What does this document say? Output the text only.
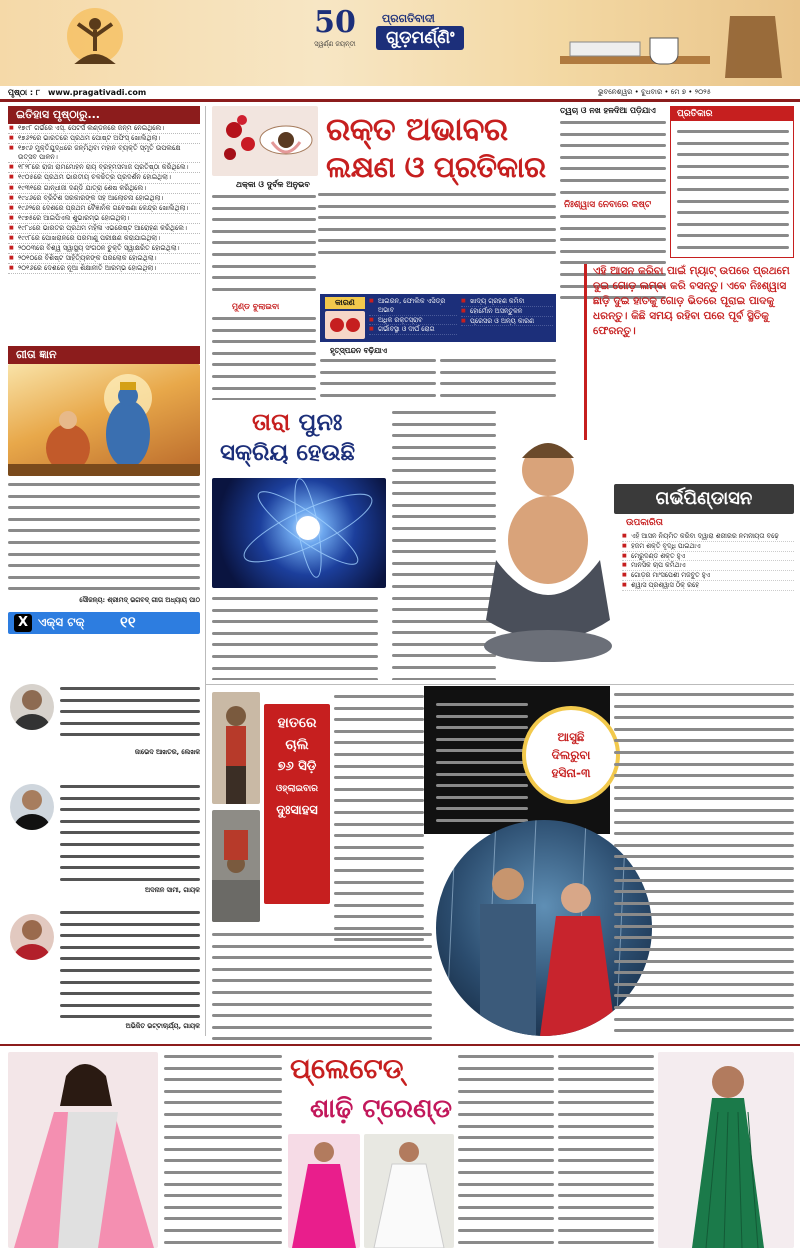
50
ସ୍ୱର୍ଣ୍ଣ ଜୟନ୍ତୀ
ପ୍ରଗତିବାଦୀ
ଗୁଡ଼ମର୍ଣ୍ଣିଂ
ପୃଷ୍ଠା : ୮ www.pragativadi.com	ଭୁବନେଶ୍ୱର • ବୁଧବାର • ମେ ୭ • ୨୦୨୫
ଇତିହାସ ପୃଷ୍ଠାରୁ...
■ ୧୭୯୮ ଗର୍ଭରେ ଏସ୍. ପେଟର୍ସ ଲଣ୍ଡନରେ ଜନ୍ମ ନେଇଥିଲେ।
■ ୧୭୬୨ରେ ଭାରତରେ ପ୍ରଥମ ପୋଷ୍ଟ ଅଫିସ୍ ଖୋଲିଥିଲା।
■ ୧୭୯୬ ମୁକ୍ତିଯୁଦ୍ଧରେ ଜନ୍ମିଥିବା ମହାନ ବ୍ୟକ୍ତି ସ୍ମୃତି ଉପଲକ୍ଷେ ଉତ୍ସବ ପାଳନ।
■ ୧୮୨୮ରେ ରାଜା ରାମମୋହନ ରାୟ ବ୍ରହ୍ମସମାଜ ପ୍ରତିଷ୍ଠା କରିଥିଲେ।
■ ୧୯୦୫ରେ ପ୍ରଥମ ଭାରତୀୟ ଚଳଚ୍ଚିତ୍ର ପ୍ରଦର୍ଶନ ହୋଇଥିଲା।
■ ୧୯୩୧ରେ ଗାନ୍ଧୀଜୀ ଦଣ୍ଡି ଯାତ୍ରା ଶେଷ କରିଥିଲେ।
■ ୧୯୪୬ରେ ବ୍ରିଟିଶ ସରକାରଙ୍କ ସହ ଆଲୋଚନା ହୋଇଥିଲା।
■ ୧୯୬୨ରେ ଦେଶରେ ପ୍ରଥମ ବୈଜ୍ଞାନିକ ଗବେଷଣା କେନ୍ଦ୍ର ଖୋଲିଥିଲା।
■ ୧୯୭୫ରେ ଆଇପିଏଲ ଶୁଭାରମ୍ଭ ହୋଇଥିଲା।
■ ୧୯୮୪ରେ ଭାରତର ପ୍ରଥମ ମହିଳା ଏଭରେଷ୍ଟ ଆରୋହଣ କରିଥିଲେ।
■ ୧୯୯୮ରେ ପୋଖରାନରେ ପରମାଣୁ ପରୀକ୍ଷଣ କରାଯାଇଥିଲା।
■ ୨୦୦୩ରେ ବିଶ୍ୱ ସ୍ୱାସ୍ଥ୍ୟ ସଂଗଠନ ଚୁକ୍ତି ସ୍ୱାକ୍ଷରିତ ହୋଇଥିଲା।
■ ୨୦୧୦ରେ ବିଶିଷ୍ଟ ସାହିତ୍ୟିକଙ୍କ ପରଲୋକ ହୋଇଥିଲା।
■ ୨୦୧୬ରେ ଦେଶରେ ନୂଆ ଶିକ୍ଷାନୀତି ଆରମ୍ଭ ହୋଇଥିଲା।
ଗୀତା ଜ୍ଞାନ
ସୌଜନ୍ୟ: ଶ୍ରୀମଦ୍ ଭଗବଦ୍ ଗୀତା ଅଧ୍ୟାୟ ପାଠ
X ଏକ୍ସ ଟକ୍ ୧୧
ଜାଭେଦ ଆଖତର, ଲେଖକ
ଅଦନାନ ସାମୀ, ଗାୟକ
ଅଭିଜିତ ଭଟ୍ଟାଚାର୍ଯ୍ୟ, ଗାୟକ
ରକ୍ତ ଅଭାବର
ଲକ୍ଷଣ ଓ ପ୍ରତିକାର
ଥକ୍କା ଓ ଦୁର୍ବଳ ଅନୁଭବ
ମୁଣ୍ଡ ବୁଲାଇବା	କାରଣ
■	ଆଇରନ, ଫୋଲିକ ଏସିଡ୍‌ର ଅଭାବ
■ ଅଧିକ ରକ୍ତସ୍ରାବ
■ ଗର୍ଭାବସ୍ଥା ଓ ଦୀର୍ଘ ରୋଗ
■ ଖାଦ୍ୟ ଗ୍ରହଣ କମିବା
■ ହୋର୍ମୋନ ଅସନ୍ତୁଳନ
■ ପ୍ରେସର ଓ ଅନ୍ୟ କାରଣ
ହୃତ୍‌ସ୍ପନ୍ଦନ ବଢ଼ିଯାଏ
ତ୍ୱଚା ଓ ନଖ ହଳଦିଆ ପଡ଼ିଯାଏ
ନିଃଶ୍ୱାସ ନେବାରେ କଷ୍ଟ
ପ୍ରତିକାର
ତାରା ପୁନଃ
ସକ୍ରିୟ ହେଉଛି
ଏହି ଆସନ କରିବା ପାଇଁ ମ୍ୟାଟ୍ ଉପରେ ପ୍ରଥମେ ଦୁଇ ଗୋଡ଼ ଲମ୍ବା କରି ବସନ୍ତୁ। ଏବେ ନିଃଶ୍ୱାସ ଛାଡ଼ି ଦୁଇ ହାତକୁ ଗୋଡ଼ ଭିତରେ ପୂରାଇ ପାଦକୁ ଧରନ୍ତୁ। କିଛି ସମୟ ରହିବା ପରେ ପୂର୍ବ ସ୍ଥିତିକୁ ଫେରନ୍ତୁ।
ଗର୍ଭପିଣ୍ଡାସନ
ଉପକାରିତା
■ ଏହି ଆସନ ନିୟମିତ କରିବା ଦ୍ୱାରା ଶରୀରର ନମନୀୟତା ବଢ଼େ
■ ହଜମ ଶକ୍ତି ବୃଦ୍ଧି ପାଇଥାଏ
■ ମେରୁଦଣ୍ଡ ଶକ୍ତ ହୁଏ
■ ମାନସିକ ଚାପ କମିଥାଏ
■ ଗୋଡ଼ର ମାଂସପେଶୀ ମଜବୁତ ହୁଏ
■ ଶ୍ୱାସ ପ୍ରଶ୍ୱାସ ଠିକ୍ ରହେ
ହାତରେ
ଚାଲି
୭୬ ସିଡ଼ି
ଓହ୍ଲାଇବାର
ଦୁଃସାହସ
ଆସୁଛି
ଦିଲରୁବା
ହସିନା-୩
ପ୍ଲେଟେଡ୍
ଶାଢ଼ି ଟ୍ରେଣ୍ଡ
